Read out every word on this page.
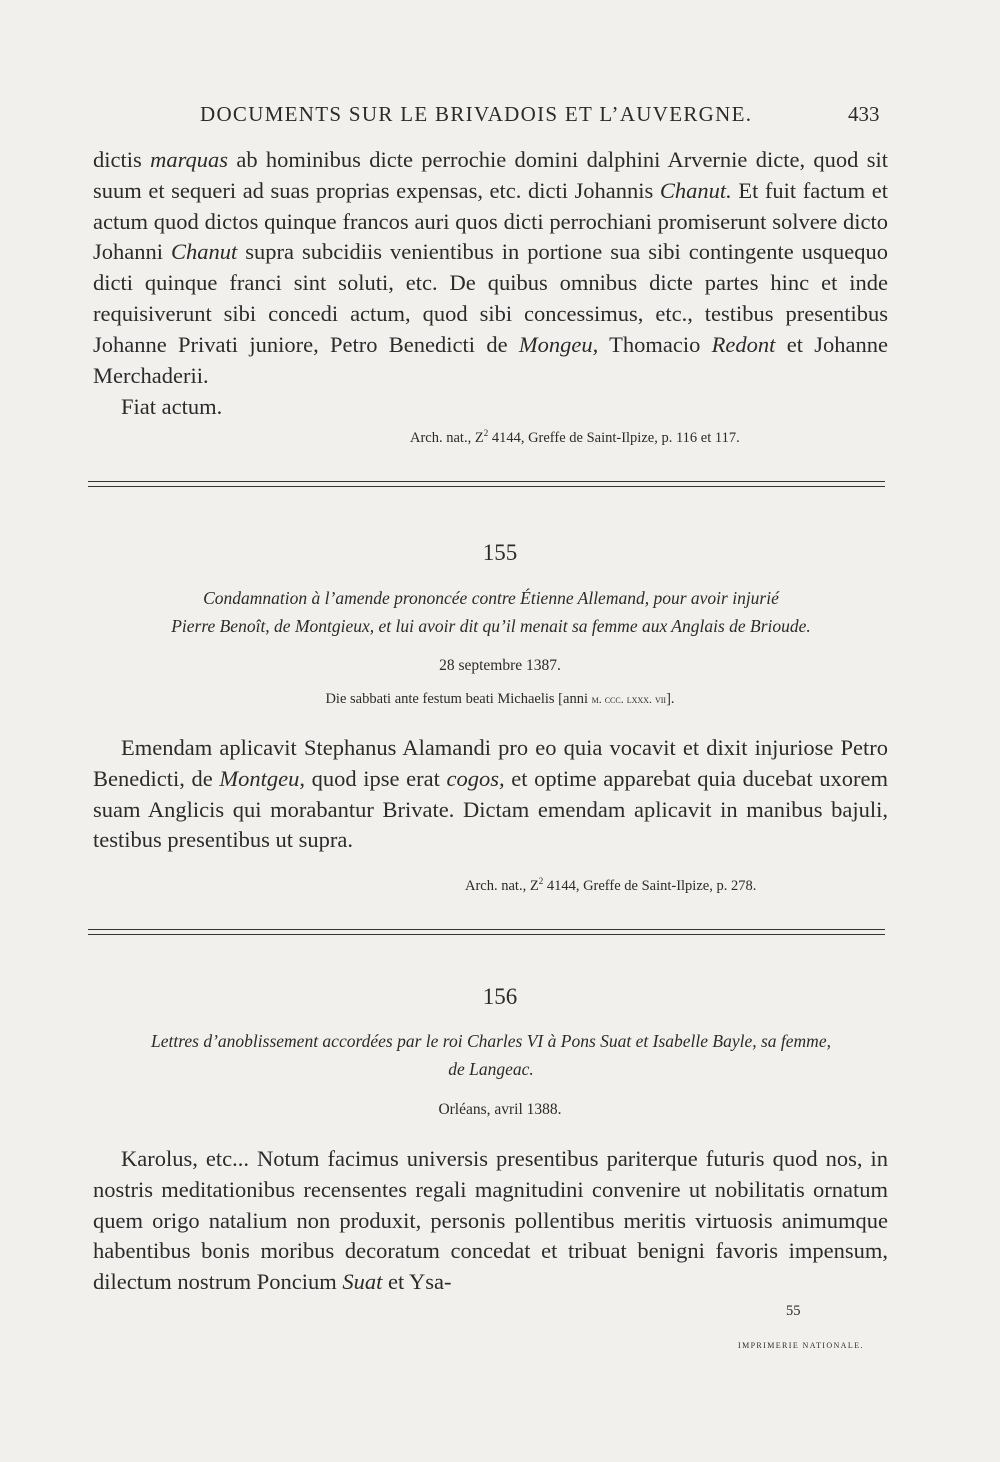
DOCUMENTS SUR LE BRIVADOIS ET L’AUVERGNE.	433

dictis marquas ab hominibus dicte perrochie domini dalphini Arvernie dicte, quod sit suum et sequeri ad suas proprias expensas, etc. dicti Johannis Chanut. Et fuit factum et actum quod dictos quinque francos auri quos dicti perrochiani promiserunt solvere dicto Johanni Chanut supra subcidiis venientibus in portione sua sibi contingente usquequo dicti quinque franci sint soluti, etc. De quibus omnibus dicte partes hinc et inde requisiverunt sibi concedi actum, quod sibi concessimus, etc., testibus presentibus Johanne Privati juniore, Petro Benedicti de Mongeu, Thomacio Redont et Johanne Merchaderii.

Fiat actum.

Arch. nat., $Z^2$ 4144, Greffe de Saint-Ilpize, p. 116 et 117.
155

Condamnation à l’amende prononcée contre Étienne Allemand, pour avoir injurié
Pierre Benoît, de Montgieux, et lui avoir dit qu’il menait sa femme aux Anglais de Brioude.

28 septembre 1387.
Die sabbati ante festum beati Michaelis [anni m. ccc. lxxx. vii].

Emendam aplicavit Stephanus Alamandi pro eo quia vocavit et dixit injuriose Petro Benedicti, de Montgeu, quod ipse erat cogos, et optime apparebat quia ducebat uxorem suam Anglicis qui morabantur Brivate. Dictam emendam aplicavit in manibus bajuli, testibus presentibus ut supra.

Arch. nat., $Z^2$ 4144, Greffe de Saint-Ilpize, p. 278.
156

Lettres d’anoblissement accordées par le roi Charles VI à Pons Suat et Isabelle Bayle, sa femme,
de Langeac.

Orléans, avril 1388.

Karolus, etc... Notum facimus universis presentibus pariterque futuris quod nos, in nostris meditationibus recensentes regali magnitudini convenire ut nobilitatis ornatum quem origo natalium non produxit, personis pollentibus meritis virtuosis animumque habentibus bonis moribus decoratum concedat et tribuat benigni favoris impensum, dilectum nostrum Poncium Suat et Ysa-

55
IMPRIMERIE NATIONALE.
